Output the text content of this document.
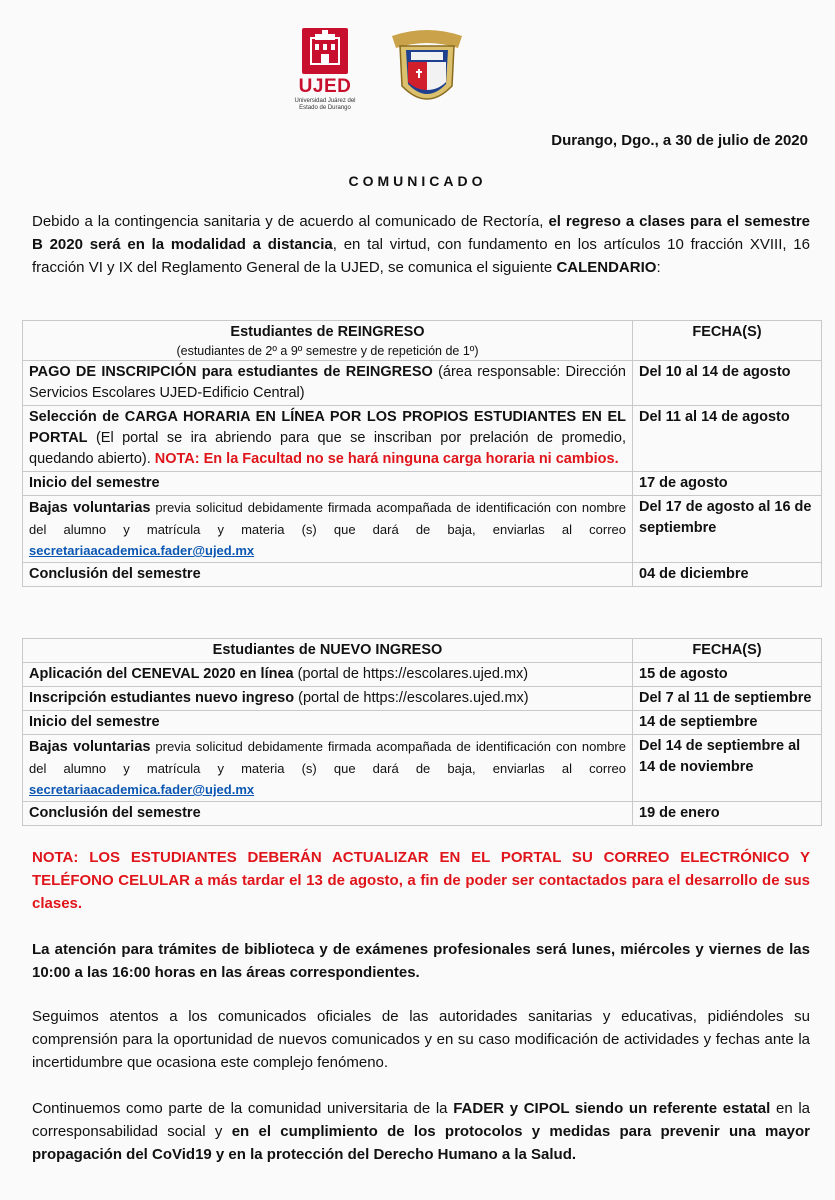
UJED
Universidad Juárez del Estado de Durango
Durango, Dgo., a 30 de julio de 2020
COMUNICADO
Debido a la contingencia sanitaria y de acuerdo al comunicado de Rectoría, el regreso a clases para el semestre B 2020 será en la modalidad a distancia, en tal virtud, con fundamento en los artículos 10 fracción XVIII, 16 fracción VI y IX del Reglamento General de la UJED, se comunica el siguiente CALENDARIO:
Estudiantes de REINGRESO
(estudiantes de 2º a 9º semestre y de repetición de 1º)	FECHA(S)
PAGO DE INSCRIPCIÓN para estudiantes de REINGRESO (área responsable: Dirección Servicios Escolares UJED-Edificio Central)	Del 10 al 14 de agosto
Selección de CARGA HORARIA EN LÍNEA POR LOS PROPIOS ESTUDIANTES EN EL PORTAL (El portal se ira abriendo para que se inscriban por prelación de promedio, quedando abierto). NOTA: En la Facultad no se hará ninguna carga horaria ni cambios.	Del 11 al 14 de agosto
Inicio del semestre	17 de agosto
Bajas voluntarias previa solicitud debidamente firmada acompañada de identificación con nombre del alumno y matrícula y materia (s) que dará de baja, enviarlas al correo secretariaacademica.fader@ujed.mx	Del 17 de agosto al 16 de septiembre
Conclusión del semestre	04 de diciembre
Estudiantes de NUEVO INGRESO	FECHA(S)
Aplicación del CENEVAL 2020 en línea (portal de https://escolares.ujed.mx)	15 de agosto
Inscripción estudiantes nuevo ingreso (portal de https://escolares.ujed.mx)	Del 7 al 11 de septiembre
Inicio del semestre	14 de septiembre
Bajas voluntarias previa solicitud debidamente firmada acompañada de identificación con nombre del alumno y matrícula y materia (s) que dará de baja, enviarlas al correo secretariaacademica.fader@ujed.mx	Del 14 de septiembre al 14 de noviembre
Conclusión del semestre	19 de enero
NOTA: LOS ESTUDIANTES DEBERÁN ACTUALIZAR EN EL PORTAL SU CORREO ELECTRÓNICO Y TELÉFONO CELULAR a más tardar el 13 de agosto, a fin de poder ser contactados para el desarrollo de sus clases.
La atención para trámites de biblioteca y de exámenes profesionales será lunes, miércoles y viernes de las 10:00 a las 16:00 horas en las áreas correspondientes.
Seguimos atentos a los comunicados oficiales de las autoridades sanitarias y educativas, pidiéndoles su comprensión para la oportunidad de nuevos comunicados y en su caso modificación de actividades y fechas ante la incertidumbre que ocasiona este complejo fenómeno.
Continuemos como parte de la comunidad universitaria de la FADER y CIPOL siendo un referente estatal en la corresponsabilidad social y en el cumplimiento de los protocolos y medidas para prevenir una mayor propagación del CoVid19 y en la protección del Derecho Humano a la Salud.
